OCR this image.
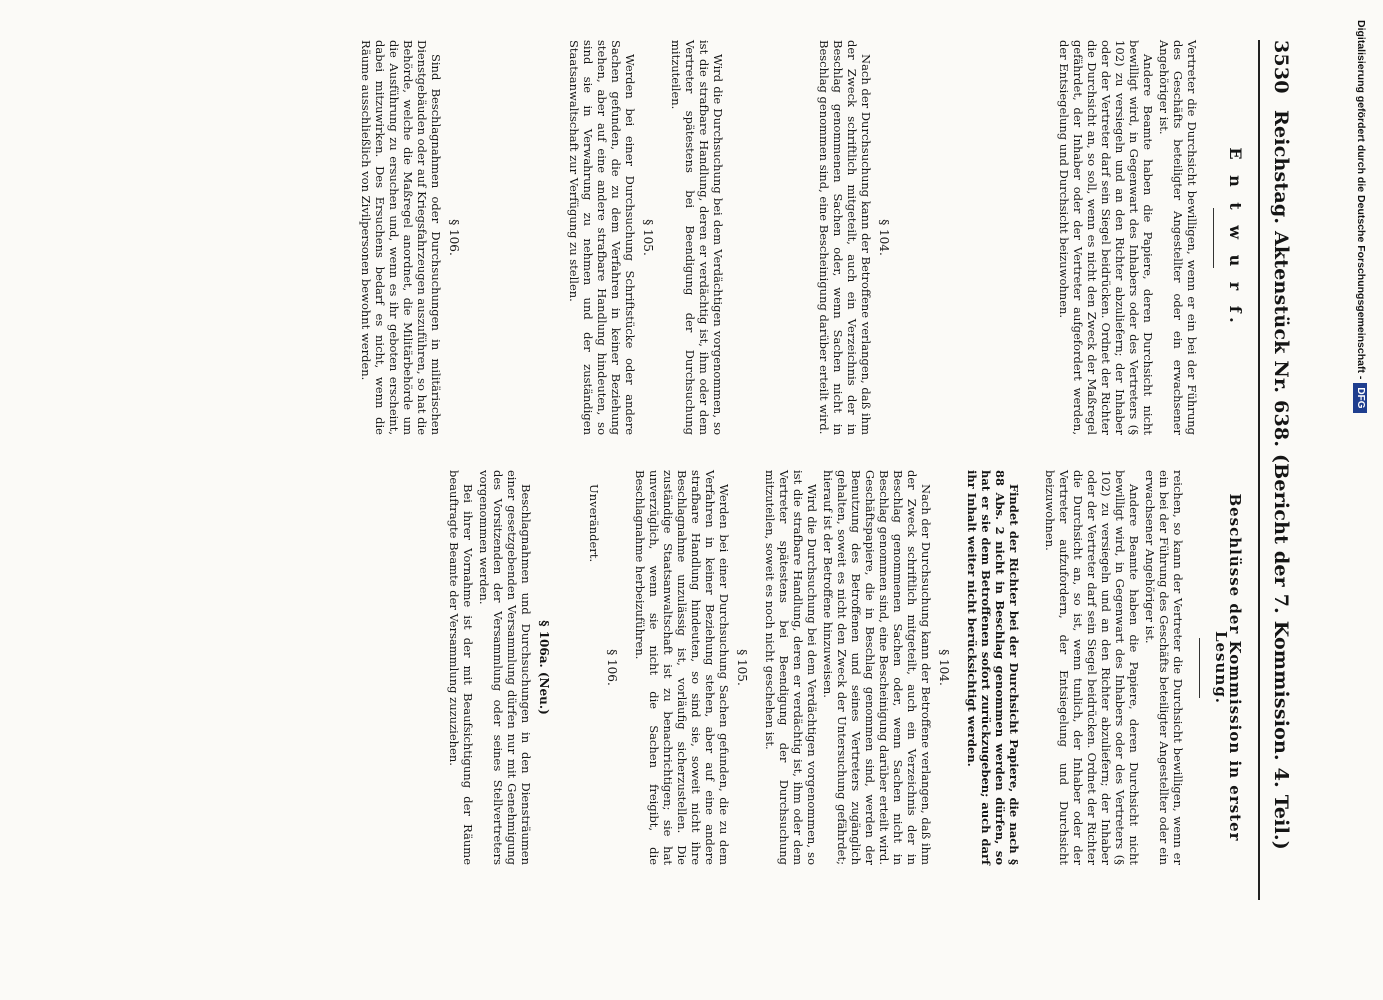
3530
Reichstag. Aktenstück Nr. 638. (Bericht der 7. Kommission. 4. Teil.)
E n t w u r f.

Vertreter die Durchsicht bewilligen, wenn er ein bei der Führung des Geschäfts beteiligter Angestellter oder ein erwachsener Angehöriger ist.

Andere Beamte haben die Papiere, deren Durchsicht nicht bewilligt wird, in Gegenwart des Inhabers oder des Vertreters (§ 102) zu versiegeln und an den Richter abzuliefern; der Inhaber oder der Vertreter darf sein Siegel beidrücken. Ordnet der Richter die Durchsicht an, so soll, wenn es nicht den Zweck der Maßregel gefährdet, der Inhaber oder der Vertreter aufgefordert werden, der Entsiegelung und Durchsicht beizuwohnen.

§ 104.

Nach der Durchsuchung kann der Betroffene verlangen, daß ihm der Zweck schriftlich mitgeteilt, auch ein Verzeichnis der in Beschlag genommenen Sachen oder, wenn Sachen nicht in Beschlag genommen sind, eine Bescheinigung darüber erteilt wird.

Wird die Durchsuchung bei dem Verdächtigen vorgenommen, so ist die strafbare Handlung, deren er verdächtig ist, ihm oder dem Vertreter spätestens bei Beendigung der Durchsuchung mitzuteilen.

§ 105.

Werden bei einer Durchsuchung Schriftstücke oder andere Sachen gefunden, die zu dem Verfahren in keiner Beziehung stehen, aber auf eine andere strafbare Handlung hindeuten, so sind sie in Verwahrung zu nehmen und der zuständigen Staatsanwaltschaft zur Verfügung zu stellen.

§ 106.

Sind Beschlagnahmen oder Durchsuchungen in militärischen Dienstgebäuden oder auf Kriegsfahrzeugen auszuführen, so hat die Behörde, welche die Maßregel anordnet, die Militärbehörde um die Ausführung zu ersuchen und, wenn es ihr geboten erscheint, dabei mitzuwirken. Des Ersuchens bedarf es nicht, wenn die Räume ausschließlich von Zivilpersonen bewohnt werden.

Beschlüsse der Kommission in erster Lesung.

reichen, so kann der Vertreter die Durchsicht bewilligen, wenn er ein bei der Führung des Geschäfts beteiligter Angestellter oder ein erwachsener Angehöriger ist.

Andere Beamte haben die Papiere, deren Durchsicht nicht bewilligt wird, in Gegenwart des Inhabers oder des Vertreters (§ 102) zu versiegeln und an den Richter abzuliefern; der Inhaber oder der Vertreter darf sein Siegel beidrücken. Ordnet der Richter die Durchsicht an, so ist, wenn tunlich, der Inhaber oder der Vertreter aufzufordern, der Entsiegelung und Durchsicht beizuwohnen.

Findet der Richter bei der Durchsicht Papiere, die nach § 88 Abs. 2 nicht in Beschlag genommen werden dürfen, so hat er sie dem Betroffenen sofort zurückzugeben; auch darf ihr Inhalt weiter nicht berücksichtigt werden.

§ 104.

Nach der Durchsuchung kann der Betroffene verlangen, daß ihm der Zweck schriftlich mitgeteilt, auch ein Verzeichnis der in Beschlag genommenen Sachen oder, wenn Sachen nicht in Beschlag genommen sind, eine Bescheinigung darüber erteilt wird. Geschäftspapiere, die in Beschlag genommen sind, werden der Benutzung des Betroffenen und seines Vertreters zugänglich gehalten, soweit es nicht den Zweck der Untersuchung gefährdet; hierauf ist der Betroffene hinzuweisen.

Wird die Durchsuchung bei dem Verdächtigen vorgenommen, so ist die strafbare Handlung, deren er verdächtig ist, ihm oder dem Vertreter spätestens bei Beendigung der Durchsuchung mitzuteilen, soweit es noch nicht geschehen ist.

§ 105.

Werden bei einer Durchsuchung Sachen gefunden, die zu dem Verfahren in keiner Beziehung stehen, aber auf eine andere strafbare Handlung hindeuten, so sind sie, soweit nicht ihre Beschlagnahme unzulässig ist, vorläufig sicherzustellen. Die zuständige Staatsanwaltschaft ist zu benachrichtigen; sie hat unverzüglich, wenn sie nicht die Sachen freigibt, die Beschlagnahme herbeizuführen.

§ 106.

Unverändert.

§ 106a. (Neu.)

Beschlagnahmen und Durchsuchungen in den Diensträumen einer gesetzgebenden Versammlung dürfen nur mit Genehmigung des Vorsitzenden der Versammlung oder seines Stellvertreters vorgenommen werden.

Bei ihrer Vornahme ist der mit Beaufsichtigung der Räume beauftragte Beamte der Versammlung zuzuziehen.

Digitalisierung gefördert durch die Deutsche Forschungsgemeinschaft -DFG
